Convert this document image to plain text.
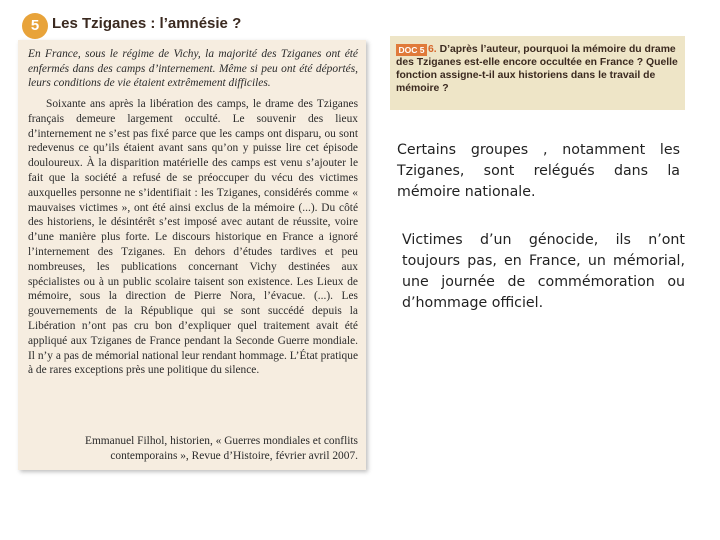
5 Les Tziganes : l’amnésie ?
En France, sous le régime de Vichy, la majorité des Tziganes ont été enfermés dans des camps d’internement. Même si peu ont été déportés, leurs conditions de vie étaient extrêmement difficiles.
Soixante ans après la libération des camps, le drame des Tziganes français demeure largement occulté. Le souvenir des lieux d’internement ne s’est pas fixé parce que les camps ont disparu, ou sont redevenus ce qu’ils étaient avant sans qu’on y puisse lire cet épisode douloureux. À la disparition matérielle des camps est venu s’ajouter le fait que la société a refusé de se préoccuper du vécu des victimes auxquelles personne ne s’identifiait : les Tziganes, considérés comme « mauvaises victimes », ont été ainsi exclus de la mémoire (...). Du côté des historiens, le désintérêt s’est imposé avec autant de réussite, voire d’une manière plus forte. Le discours historique en France a ignoré l’internement des Tziganes. En dehors d’études tardives et peu nombreuses, les publications concernant Vichy destinées aux spécialistes ou à un public scolaire taisent son existence. Les Lieux de mémoire, sous la direction de Pierre Nora, l’évacue. (...). Les gouvernements de la République qui se sont succédé depuis la Libération n’ont pas cru bon d’expliquer quel traitement avait été appliqué aux Tziganes de France pendant la Seconde Guerre mondiale. Il n’y a pas de mémorial national leur rendant hommage. L’État pratique à de rares exceptions près une politique du silence.
Emmanuel Filhol, historien, « Guerres mondiales et conflits contemporains », Revue d’Histoire, février avril 2007.
6. D’après l’auteur, pourquoi la mémoire du drame des Tziganes est-elle encore occultée en France ? Quelle fonction assigne-t-il aux historiens dans le travail de mémoire ?
DOC 5
Certains groupes , notamment les Tziganes, sont relégués dans la mémoire nationale.
Victimes d’un génocide, ils n’ont toujours pas, en France, un mémorial, une journée de commémoration ou d’hommage officiel.
